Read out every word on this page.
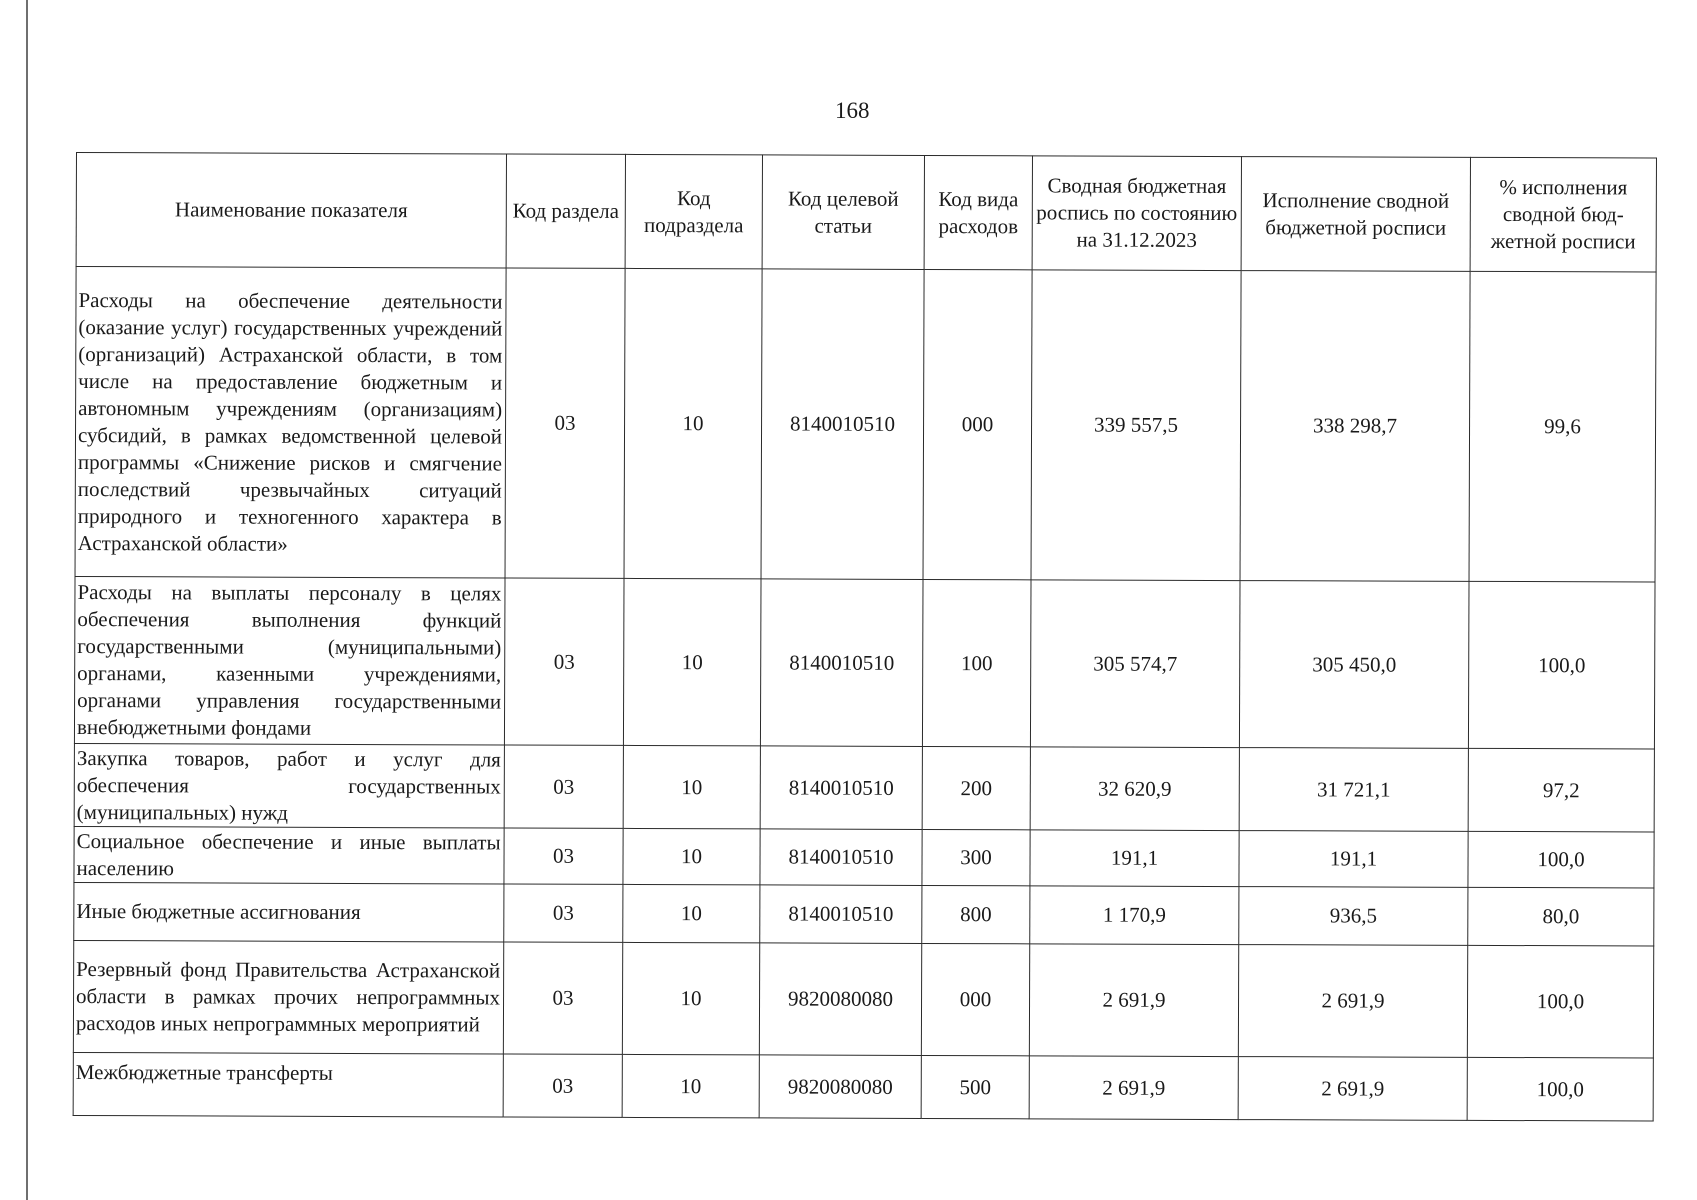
168
Наименование показателя	Код раздела	Код подраздела	Код целевой статьи	Код вида расходов	Сводная бюджетная роспись по состоянию на 31.12.2023	Исполнение сводной бюджетной росписи	% исполнения сводной бюд-жетной росписи
Расходы на обеспечение деятельности (оказание услуг) государственных учреждений (организаций) Астраханской области, в том числе на предоставление бюджетным и автономным учреждениям (организациям) субсидий, в рамках ведомственной целевой программы «Снижение рисков и смягчение последствий чрезвычайных ситуаций природного и техногенного характера в Астраханской области»	03	10	8140010510	000	339 557,5	338 298,7	99,6
Расходы на выплаты персоналу в целях обеспечения выполнения функций государственными (муниципальными) органами, казенными учреждениями, органами управления государственными внебюджетными фондами	03	10	8140010510	100	305 574,7	305 450,0	100,0
Закупка товаров, работ и услуг для обеспечения государственных (муниципальных) нужд	03	10	8140010510	200	32 620,9	31 721,1	97,2
Социальное обеспечение и иные выплаты населению	03	10	8140010510	300	191,1	191,1	100,0
Иные бюджетные ассигнования	03	10	8140010510	800	1 170,9	936,5	80,0
Резервный фонд Правительства Астраханской области в рамках прочих непрограммных расходов иных непрограммных мероприятий	03	10	9820080080	000	2 691,9	2 691,9	100,0
Межбюджетные трансферты	03	10	9820080080	500	2 691,9	2 691,9	100,0
